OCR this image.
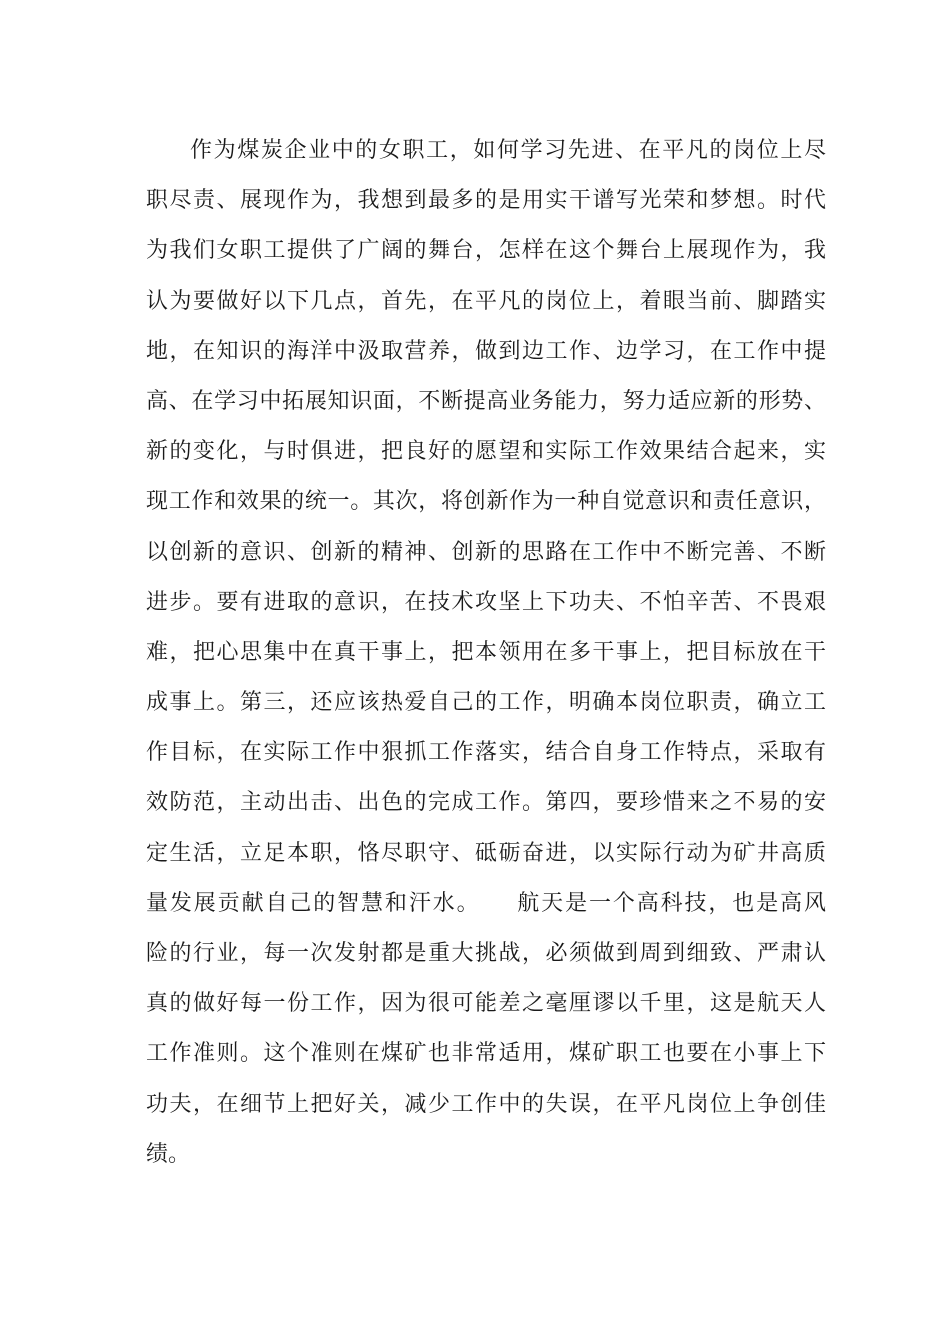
作为煤炭企业中的女职工，如何学习先进、在平凡的岗位上尽
职尽责、展现作为，我想到最多的是用实干谱写光荣和梦想。时代
为我们女职工提供了广阔的舞台，怎样在这个舞台上展现作为，我
认为要做好以下几点，首先，在平凡的岗位上，着眼当前、脚踏实
地，在知识的海洋中汲取营养，做到边工作、边学习，在工作中提
高、在学习中拓展知识面，不断提高业务能力，努力适应新的形势、
新的变化，与时俱进，把良好的愿望和实际工作效果结合起来，实
现工作和效果的统一。其次，将创新作为一种自觉意识和责任意识，
以创新的意识、创新的精神、创新的思路在工作中不断完善、不断
进步。要有进取的意识，在技术攻坚上下功夫、不怕辛苦、不畏艰
难，把心思集中在真干事上，把本领用在多干事上，把目标放在干
成事上。第三，还应该热爱自己的工作，明确本岗位职责，确立工
作目标，在实际工作中狠抓工作落实，结合自身工作特点，采取有
效防范，主动出击、出色的完成工作。第四，要珍惜来之不易的安
定生活，立足本职，恪尽职守、砥砺奋进，以实际行动为矿井高质
量发展贡献自己的智慧和汗水。　　航天是一个高科技，也是高风
险的行业，每一次发射都是重大挑战，必须做到周到细致、严肃认
真的做好每一份工作，因为很可能差之毫厘谬以千里，这是航天人
工作准则。这个准则在煤矿也非常适用，煤矿职工也要在小事上下
功夫，在细节上把好关，减少工作中的失误，在平凡岗位上争创佳
绩。
